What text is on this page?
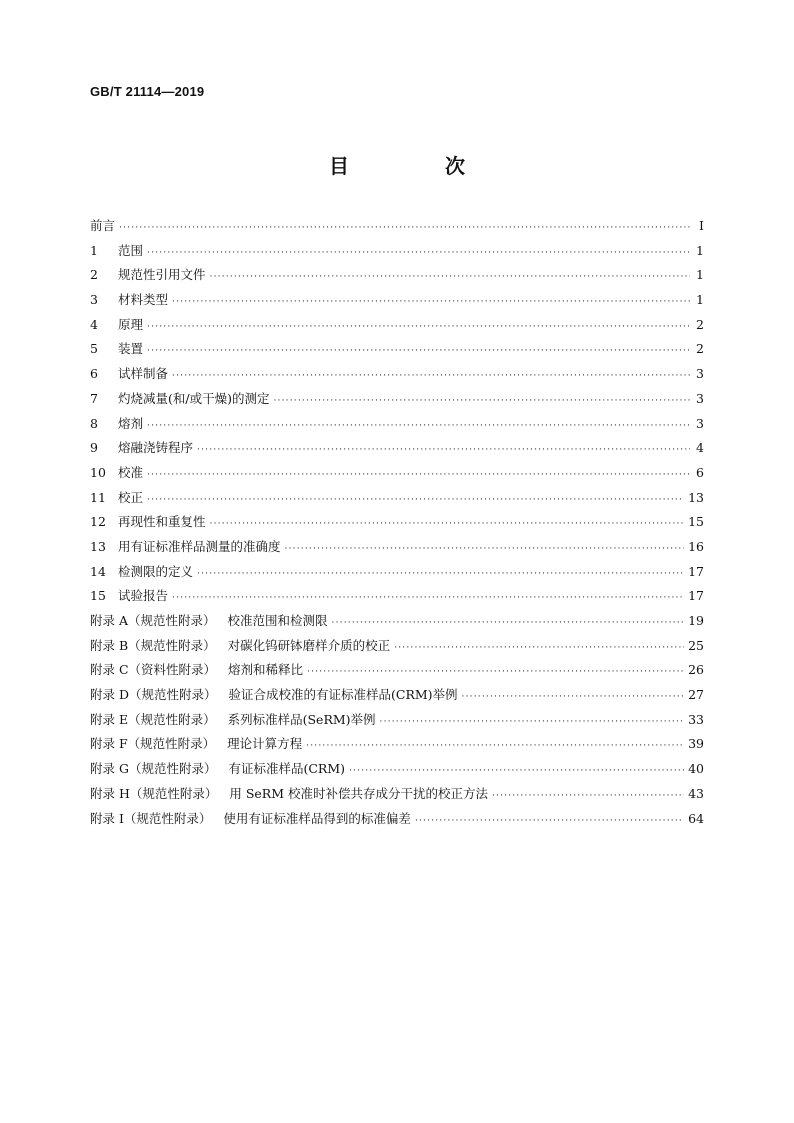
GB/T 21114—2019
目　次
前言 ·····	Ⅰ
1	范围 ·····	1
2	规范性引用文件 ·····	1
3	材料类型 ·····	1
4	原理 ·····	2
5	装置 ·····	2
6	试样制备 ·····	3
7	灼烧减量(和/或干燥)的测定 ·····	3
8	熔剂 ·····	3
9	熔融浇铸程序 ·····	4
10 校准 ·····	6
11 校正 ·····	13
12 再现性和重复性 ·····	15
13 用有证标准样品测量的准确度 ·····	16
14 检测限的定义 ·····	17
15 试验报告 ·····	17
附录 A（规范性附录） 校准范围和检测限 ·····	19
附录 B（规范性附录） 对碳化钨研钵磨样介质的校正 ·····	25
附录 C（资料性附录） 熔剂和稀释比 ·····	26
附录 D（规范性附录） 验证合成校准的有证标准样品(CRM)举例 ·····	27
附录 E（规范性附录） 系列标准样品(SeRM)举例 ·····	33
附录 F（规范性附录） 理论计算方程 ·····	39
附录 G（规范性附录） 有证标准样品(CRM) ·····	40
附录 H（规范性附录） 用 SeRM 校准时补偿共存成分干扰的校正方法 ·····	43
附录 I（规范性附录） 使用有证标准样品得到的标准偏差 ·····	64
